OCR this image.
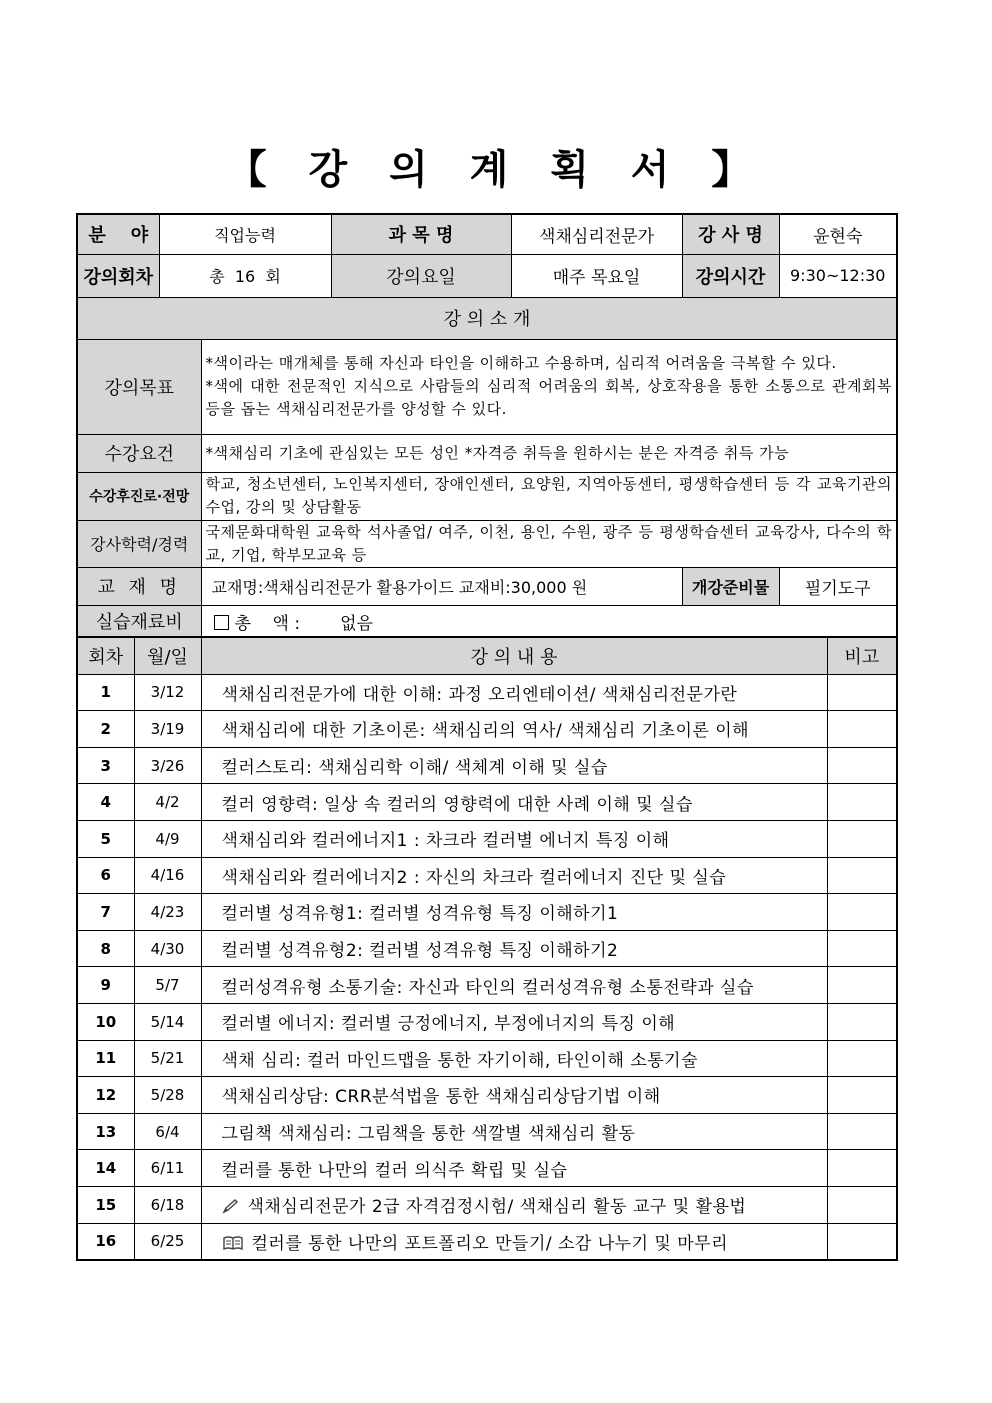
【 강 의 계 획 서 】
분    야	직업능력		과 목 명	색채심리전문가	강 사 명	윤현숙
강의회차	총  16  회		강의요일	매주 목요일	강의시간	9:30~12:30
강 의 소 개						
강의목표		*색이라는 매개체를 통해 자신과 타인을 이해하고 수용하며, 심리적 어려움을 극복할 수 있다.
*색에 대한 전문적인 지식으로 사람들의 심리적 어려움의 회복, 상호작용을 통한 소통으로 관계회복 등을 돕는 색채심리전문가를 양성할 수 있다.				

수강요건		*색채심리 기초에 관심있는 모든 성인 *자격증 취득을 원하시는 분은 자격증 취득 가능				
수강후진로·전망		학교, 청소년센터, 노인복지센터, 장애인센터, 요양원, 지역아동센터, 평생학습센터 등 각 교육기관의 수업, 강의 및 상담활동				
강사학력/경력		국제문화대학원 교육학 석사졸업/ 여주, 이천, 용인, 수원, 광주 등 평생학습센터 교육강사, 다수의 학교, 기업, 학부모교육 등				
교 재 명		교재명:색채심리전문가 활용가이드 교재비:30,000 원			개강준비물	필기도구
실습재료비		총    액 : 없음				
회차	월/일	강 의 내 용	비고
1	3/12	색채심리전문가에 대한 이해: 과정 오리엔테이션/ 색채심리전문가란	
2	3/19	색채심리에 대한 기초이론: 색채심리의 역사/ 색채심리 기초이론 이해	
3	3/26	컬러스토리: 색채심리학 이해/ 색체계 이해 및 실습	
4	4/2	컬러 영향력: 일상 속 컬러의 영향력에 대한 사례 이해 및 실습	
5	4/9	색채심리와 컬러에너지1 : 차크라 컬러별 에너지 특징 이해	
6	4/16	색채심리와 컬러에너지2 : 자신의 차크라 컬러에너지 진단 및 실습	
7	4/23	컬러별 성격유형1: 컬러별 성격유형 특징 이해하기1	
8	4/30	컬러별 성격유형2: 컬러별 성격유형 특징 이해하기2	
9	5/7	컬러성격유형 소통기술: 자신과 타인의 컬러성격유형 소통전략과 실습	
10	5/14	컬러별 에너지: 컬러별 긍정에너지, 부정에너지의 특징 이해	
11	5/21	색채 심리: 컬러 마인드맵을 통한 자기이해, 타인이해 소통기술	
12	5/28	색채심리상담: CRR분석법을 통한 색채심리상담기법 이해	
13	6/4	그림책 색채심리: 그림책을 통한 색깔별 색채심리 활동	
14	6/11	컬러를 통한 나만의 컬러 의식주 확립 및 실습	
15	6/18	색채심리전문가 2급 자격검정시험/ 색채심리 활동 교구 및 활용법	
16	6/25	컬러를 통한 나만의 포트폴리오 만들기/ 소감 나누기 및 마무리	
